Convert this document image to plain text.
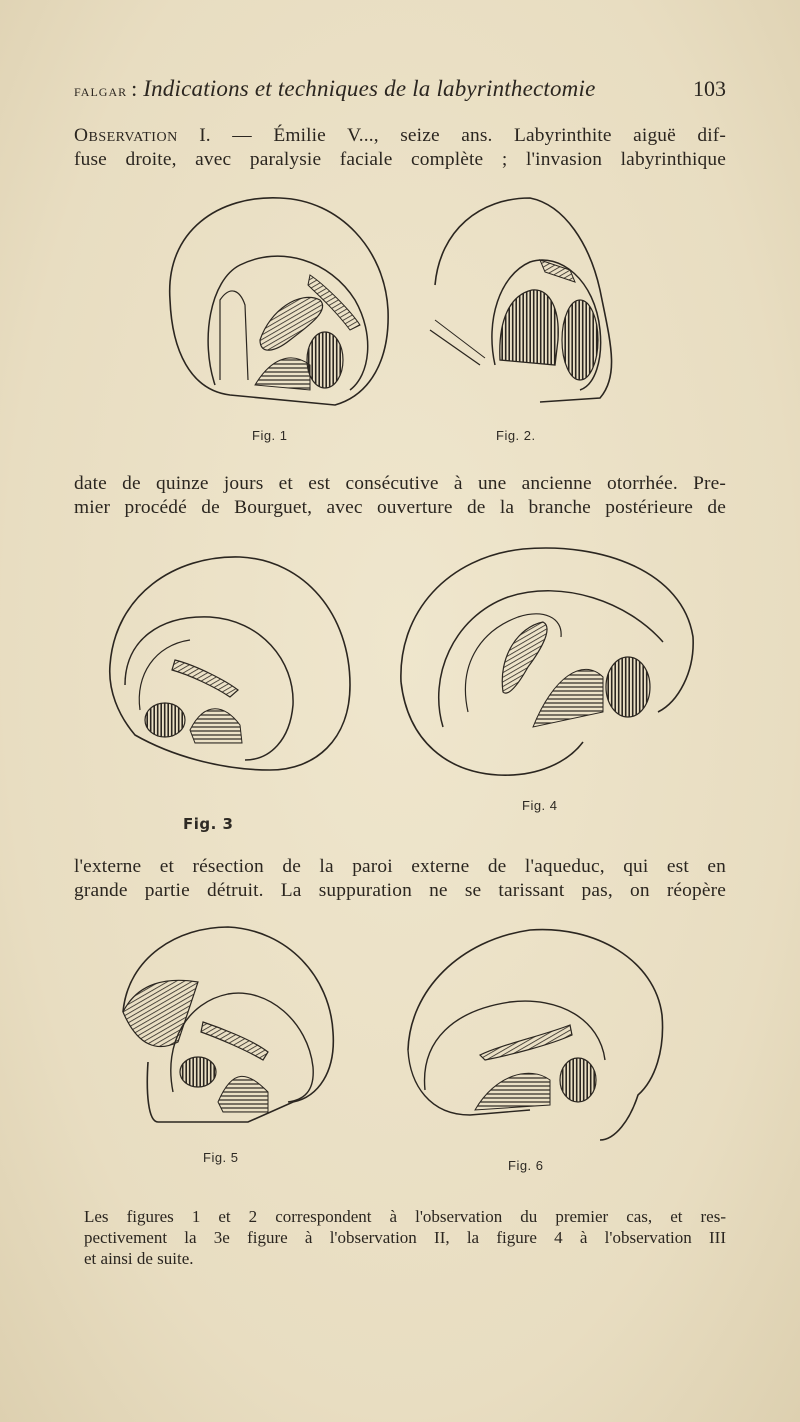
falgar : Indications et techniques de la labyrinthectomie	103
Observation I. — Émilie V..., seize ans. Labyrinthite aiguë dif-
fuse droite, avec paralysie faciale complète ; l'invasion labyrinthique
Fig. 1	Fig. 2.
date de quinze jours et est consécutive à une ancienne otorrhée. Pre-
mier procédé de Bourguet, avec ouverture de la branche postérieure de
Fig. 3
Fig. 4
l'externe et résection de la paroi externe de l'aqueduc, qui est en
grande partie détruit. La suppuration ne se tarissant pas, on réopère
Fig. 5
Fig. 6
Les figures 1 et 2 correspondent à l'observation du premier cas, et res-
pectivement la 3e figure à l'observation II, la figure 4 à l'observation III
et ainsi de suite.
